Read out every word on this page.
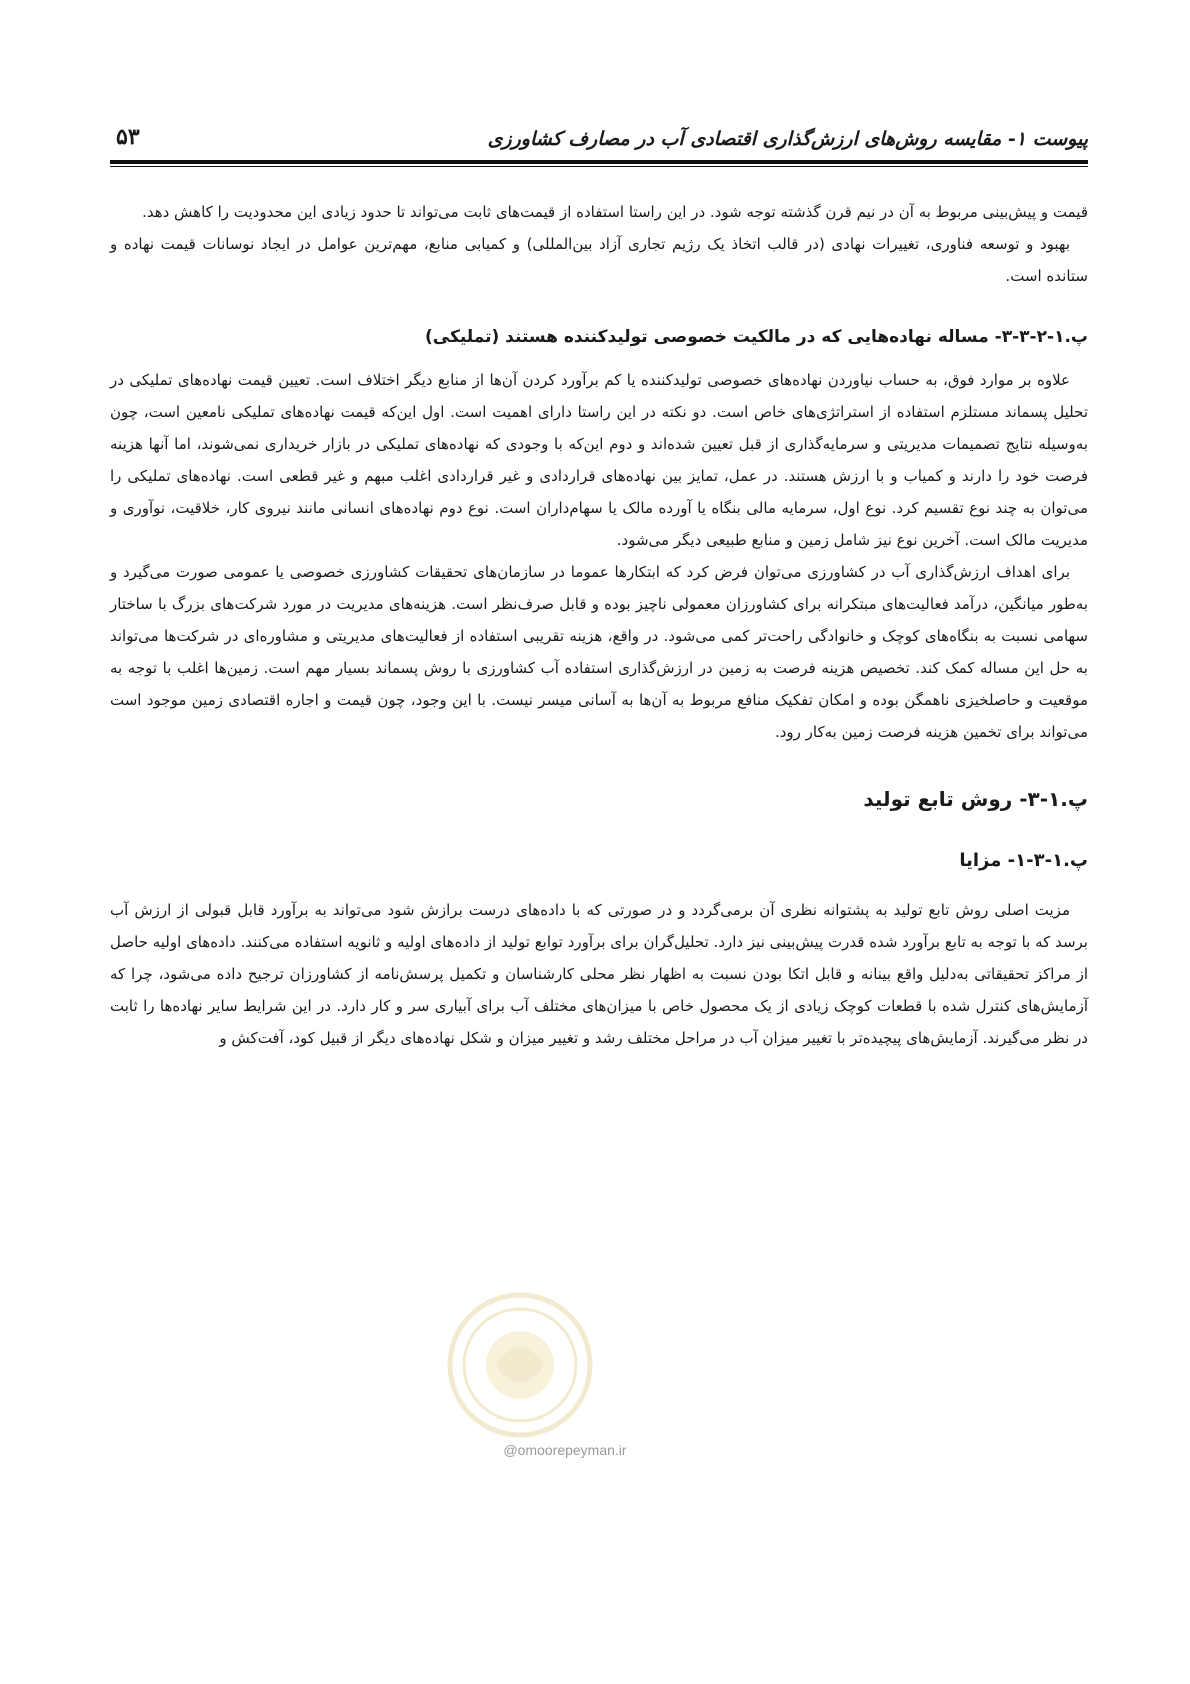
پیوست ۱- مقایسه روش‌های ارزش‌گذاری اقتصادی آب در مصارف کشاورزی
۵۳

قیمت و پیش‌بینی مربوط به آن در نیم قرن گذشته توجه شود. در این راستا استفاده از قیمت‌های ثابت می‌تواند تا حدود زیادی این محدودیت را کاهش دهد.

بهبود و توسعه فناوری، تغییرات نهادی (در قالب اتخاذ یک رژیم تجاری آزاد بین‌المللی) و کمیابی منابع، مهم‌ترین عوامل در ایجاد نوسانات قیمت نهاده و ستانده است.

پ.۱-۲-۳-۳- مساله نهاده‌هایی که در مالکیت خصوصی تولیدکننده هستند (تملیکی)

علاوه بر موارد فوق، به حساب نیاوردن نهاده‌های خصوصی تولیدکننده یا کم برآورد کردن آن‌ها از منابع دیگر اختلاف است. تعیین قیمت نهاده‌های تملیکی در تحلیل پسماند مستلزم استفاده از استراتژی‌های خاص است. دو نکته در این راستا دارای اهمیت است. اول این‌که قیمت نهاده‌های تملیکی نامعین است، چون به‌وسیله نتایج تصمیمات مدیریتی و سرمایه‌گذاری از قبل تعیین شده‌اند و دوم این‌که با وجودی که نهاده‌های تملیکی در بازار خریداری نمی‌شوند، اما آنها هزینه فرصت خود را دارند و کمیاب و با ارزش هستند. در عمل، تمایز بین نهاده‌های قراردادی و غیر قراردادی اغلب مبهم و غیر قطعی است. نهاده‌های تملیکی را می‌توان به چند نوع تقسیم کرد. نوع اول، سرمایه مالی بنگاه یا آورده مالک یا سهام‌داران است. نوع دوم نهاده‌های انسانی مانند نیروی کار، خلاقیت، نوآوری و مدیریت مالک است. آخرین نوع نیز شامل زمین و منابع طبیعی دیگر می‌شود.

برای اهداف ارزش‌گذاری آب در کشاورزی می‌توان فرض کرد که ابتکارها عموما در سازمان‌های تحقیقات کشاورزی خصوصی یا عمومی صورت می‌گیرد و به‌طور میانگین، درآمد فعالیت‌های مبتکرانه برای کشاورزان معمولی ناچیز بوده و قابل صرف‌نظر است. هزینه‌های مدیریت در مورد شرکت‌های بزرگ با ساختار سهامی نسبت به بنگاه‌های کوچک و خانوادگی راحت‌تر کمی می‌شود. در واقع، هزینه تقریبی استفاده از فعالیت‌های مدیریتی و مشاوره‌ای در شرکت‌ها می‌تواند به حل این مساله کمک کند. تخصیص هزینه فرصت به زمین در ارزش‌گذاری استفاده آب کشاورزی با روش پسماند بسیار مهم است. زمین‌ها اغلب با توجه به موقعیت و حاصلخیزی ناهمگن بوده و امکان تفکیک منافع مربوط به آن‌ها به آسانی میسر نیست. با این وجود، چون قیمت و اجاره اقتصادی زمین موجود است می‌تواند برای تخمین هزینه فرصت زمین به‌کار رود.

پ.۱-۳- روش تابع تولید
پ.۱-۳-۱- مزایا

مزیت اصلی روش تابع تولید به پشتوانه نظری آن برمی‌گردد و در صورتی که با داده‌های درست برازش شود می‌تواند به برآورد قابل قبولی از ارزش آب برسد که با توجه به تابع برآورد شده قدرت پیش‌بینی نیز دارد. تحلیل‌گران برای برآورد توابع تولید از داده‌های اولیه و ثانویه استفاده می‌کنند. داده‌های اولیه حاصل از مراکز تحقیقاتی به‌دلیل واقع بینانه و قابل اتکا بودن نسبت به اظهار نظر محلی کارشناسان و تکمیل پرسش‌نامه از کشاورزان ترجیح داده می‌شود، چرا که آزمایش‌های کنترل شده با قطعات کوچک زیادی از یک محصول خاص با میزان‌های مختلف آب برای آبیاری سر و کار دارد. در این شرایط سایر نهاده‌ها را ثابت در نظر می‌گیرند. آزمایش‌های پیچیده‌تر با تغییر میزان آب در مراحل مختلف رشد و تغییر میزان و شکل نهاده‌های دیگر از قبیل کود، آفت‌کش و

@omoorepeyman.ir
